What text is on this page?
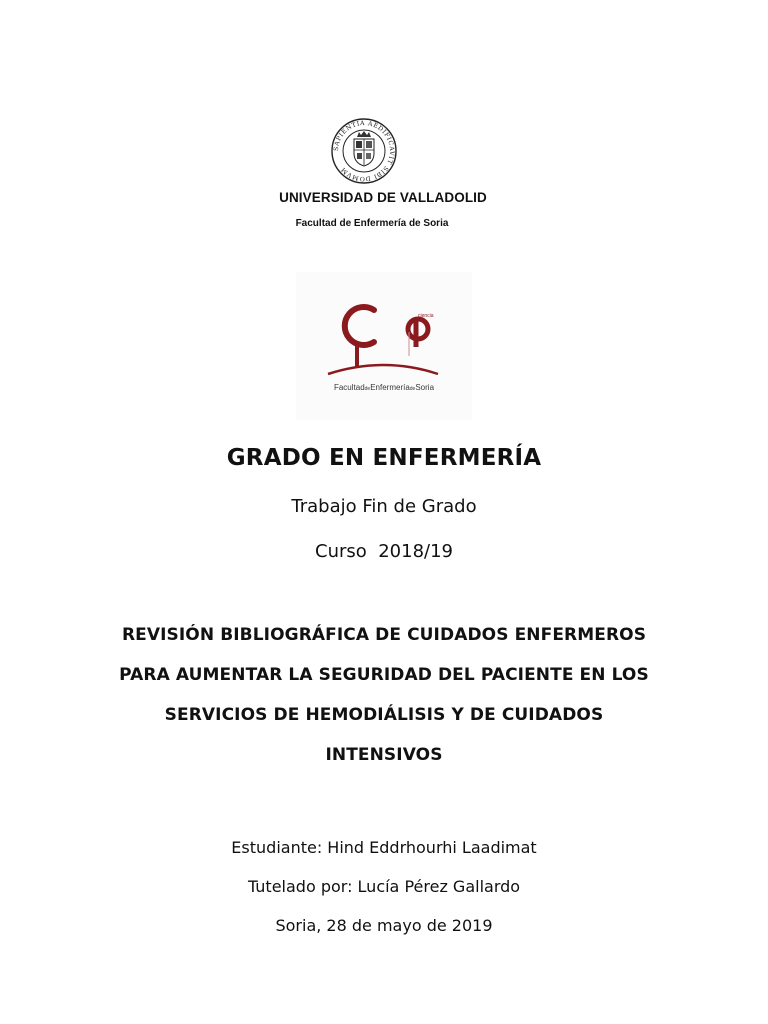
SAPIENTIA AEDIFICAVIT SIBI DOMVM
UNIVERSIDAD DE VALLADOLID
Facultad de Enfermería de Soria
ciencia
FacultaddeEnfermeríadeSoria
GRADO EN ENFERMERÍA
Trabajo Fin de Grado
Curso  2018/19
REVISIÓN BIBLIOGRÁFICA DE CUIDADOS ENFERMEROS
PARA AUMENTAR LA SEGURIDAD DEL PACIENTE EN LOS
SERVICIOS DE HEMODIÁLISIS Y DE CUIDADOS
INTENSIVOS
Estudiante: Hind Eddrhourhi Laadimat
Tutelado por: Lucía Pérez Gallardo
Soria, 28 de mayo de 2019
